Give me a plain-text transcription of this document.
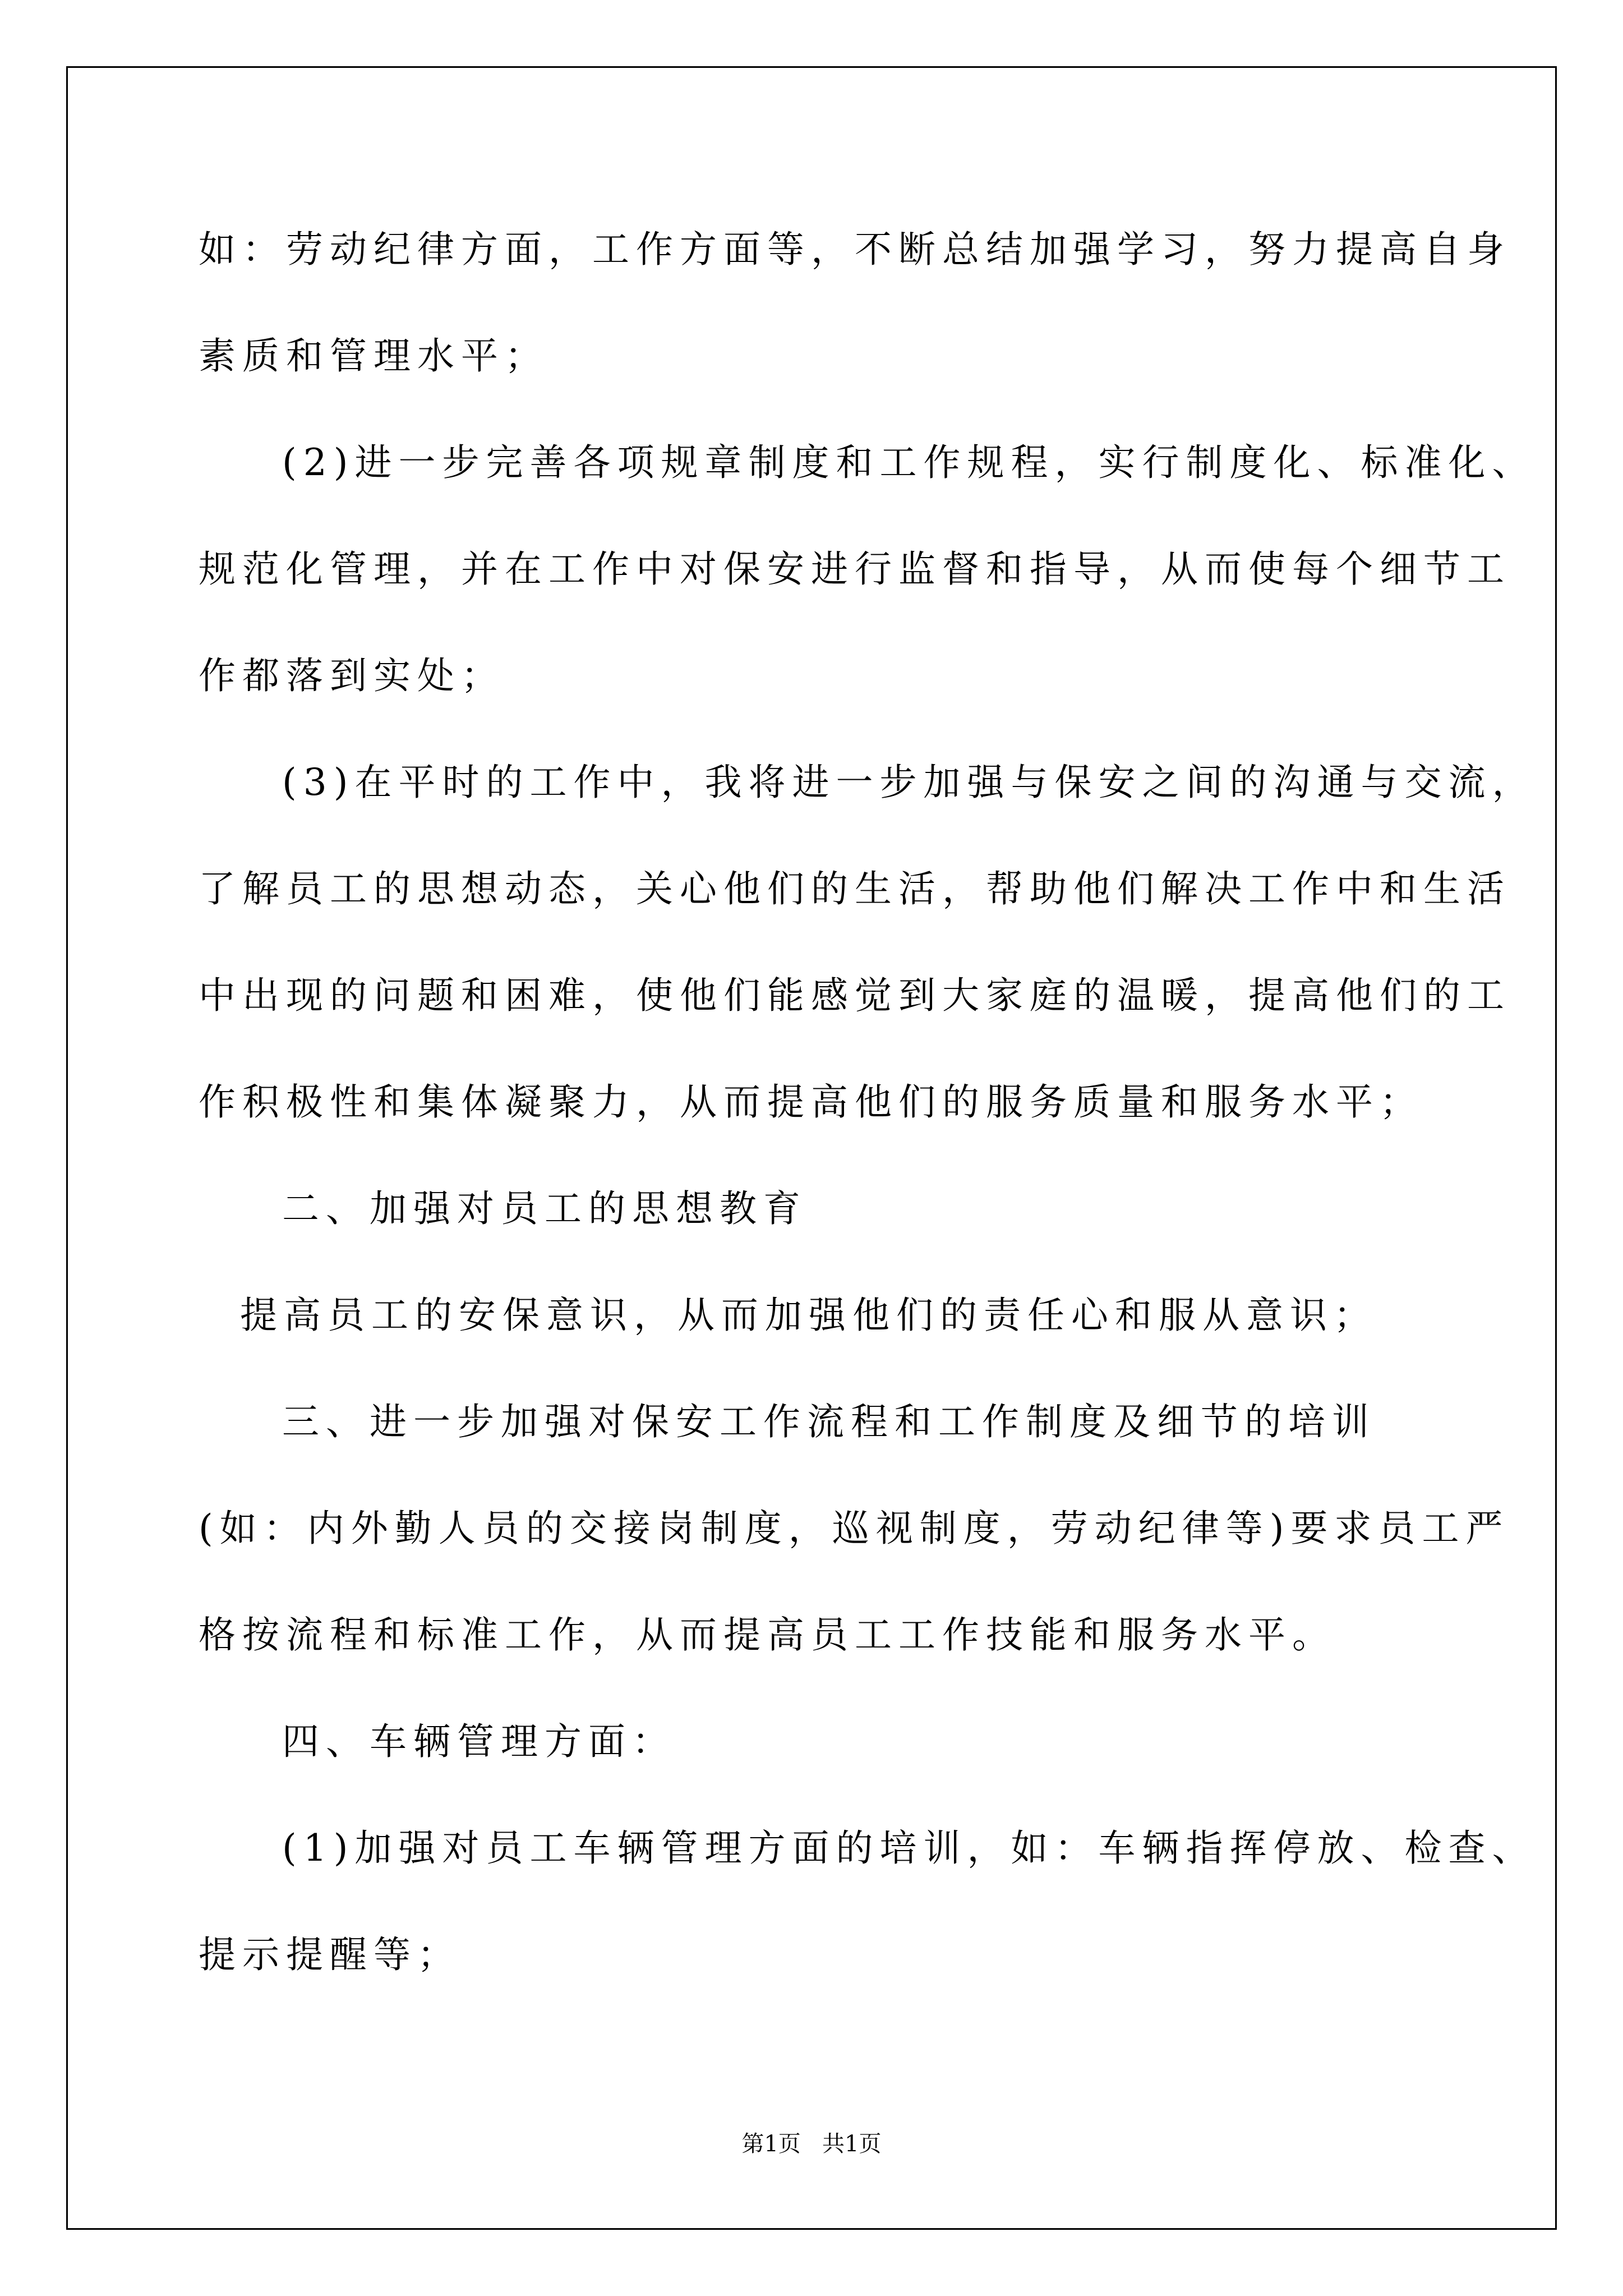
如：劳动纪律方面，工作方面等，不断总结加强学习，努力提高自身
素质和管理水平；
(2)进一步完善各项规章制度和工作规程，实行制度化、标准化、
规范化管理，并在工作中对保安进行监督和指导，从而使每个细节工
作都落到实处；
(3)在平时的工作中，我将进一步加强与保安之间的沟通与交流，
了解员工的思想动态，关心他们的生活，帮助他们解决工作中和生活
中出现的问题和困难，使他们能感觉到大家庭的温暖，提高他们的工
作积极性和集体凝聚力，从而提高他们的服务质量和服务水平；
二、加强对员工的思想教育
提高员工的安保意识，从而加强他们的责任心和服从意识；
三、进一步加强对保安工作流程和工作制度及细节的培训
(如：内外勤人员的交接岗制度，巡视制度，劳动纪律等)要求员工严
格按流程和标准工作，从而提高员工工作技能和服务水平。
四、车辆管理方面：
(1)加强对员工车辆管理方面的培训，如：车辆指挥停放、检查、
提示提醒等；
第1页   共1页
